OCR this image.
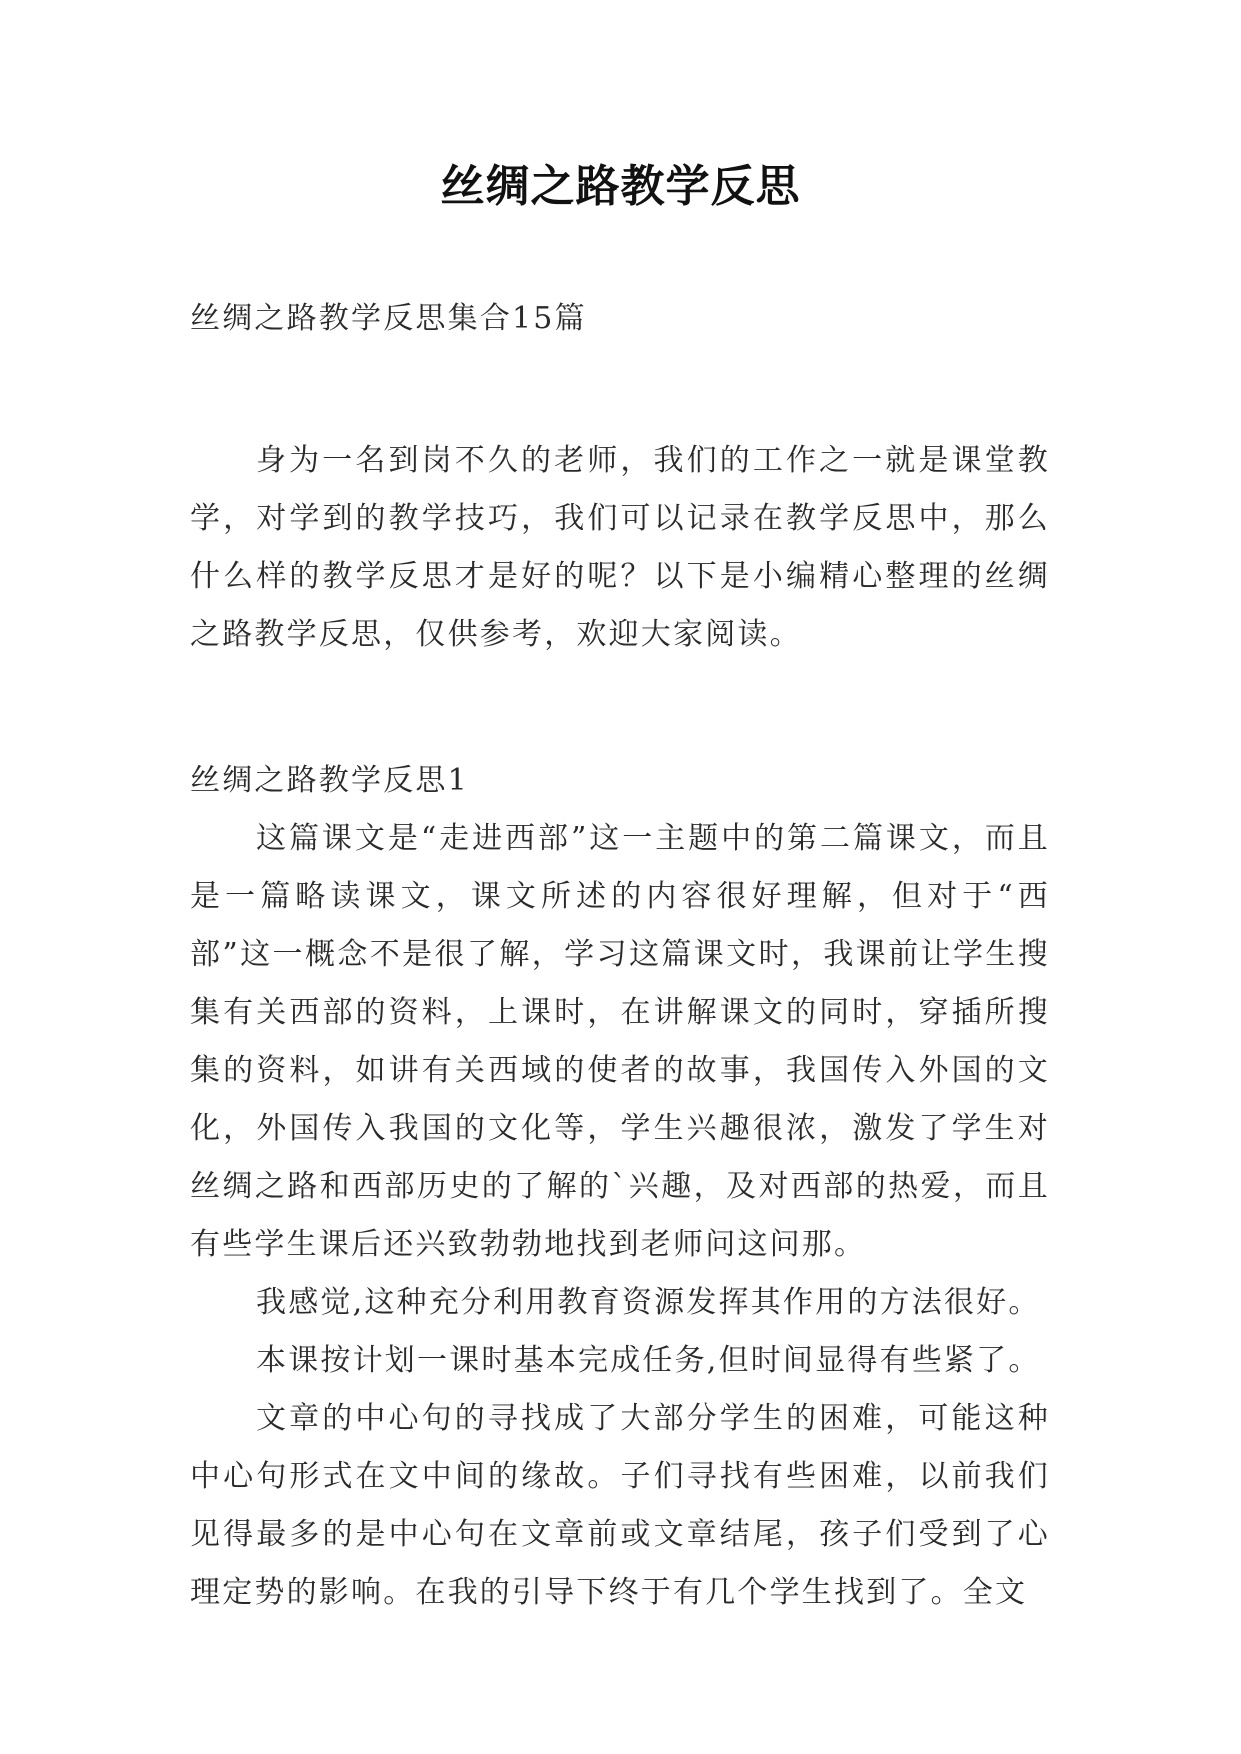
丝绸之路教学反思

丝绸之路教学反思集合15篇

身为一名到岗不久的老师，我们的工作之一就是课堂教学，对学到的教学技巧，我们可以记录在教学反思中，那么什么样的教学反思才是好的呢？以下是小编精心整理的丝绸之路教学反思，仅供参考，欢迎大家阅读。

丝绸之路教学反思1

这篇课文是“走进西部”这一主题中的第二篇课文，而且是一篇略读课文，课文所述的内容很好理解，但对于“西部”这一概念不是很了解，学习这篇课文时，我课前让学生搜集有关西部的资料，上课时，在讲解课文的同时，穿插所搜集的资料，如讲有关西域的使者的故事，我国传入外国的文化，外国传入我国的文化等，学生兴趣很浓，激发了学生对丝绸之路和西部历史的了解的`兴趣，及对西部的热爱，而且有些学生课后还兴致勃勃地找到老师问这问那。

我感觉,这种充分利用教育资源发挥其作用的方法很好。

本课按计划一课时基本完成任务,但时间显得有些紧了。

文章的中心句的寻找成了大部分学生的困难，可能这种中心句形式在文中间的缘故。子们寻找有些困难，以前我们见得最多的是中心句在文章前或文章结尾，孩子们受到了心理定势的影响。在我的引导下终于有几个学生找到了。全文
